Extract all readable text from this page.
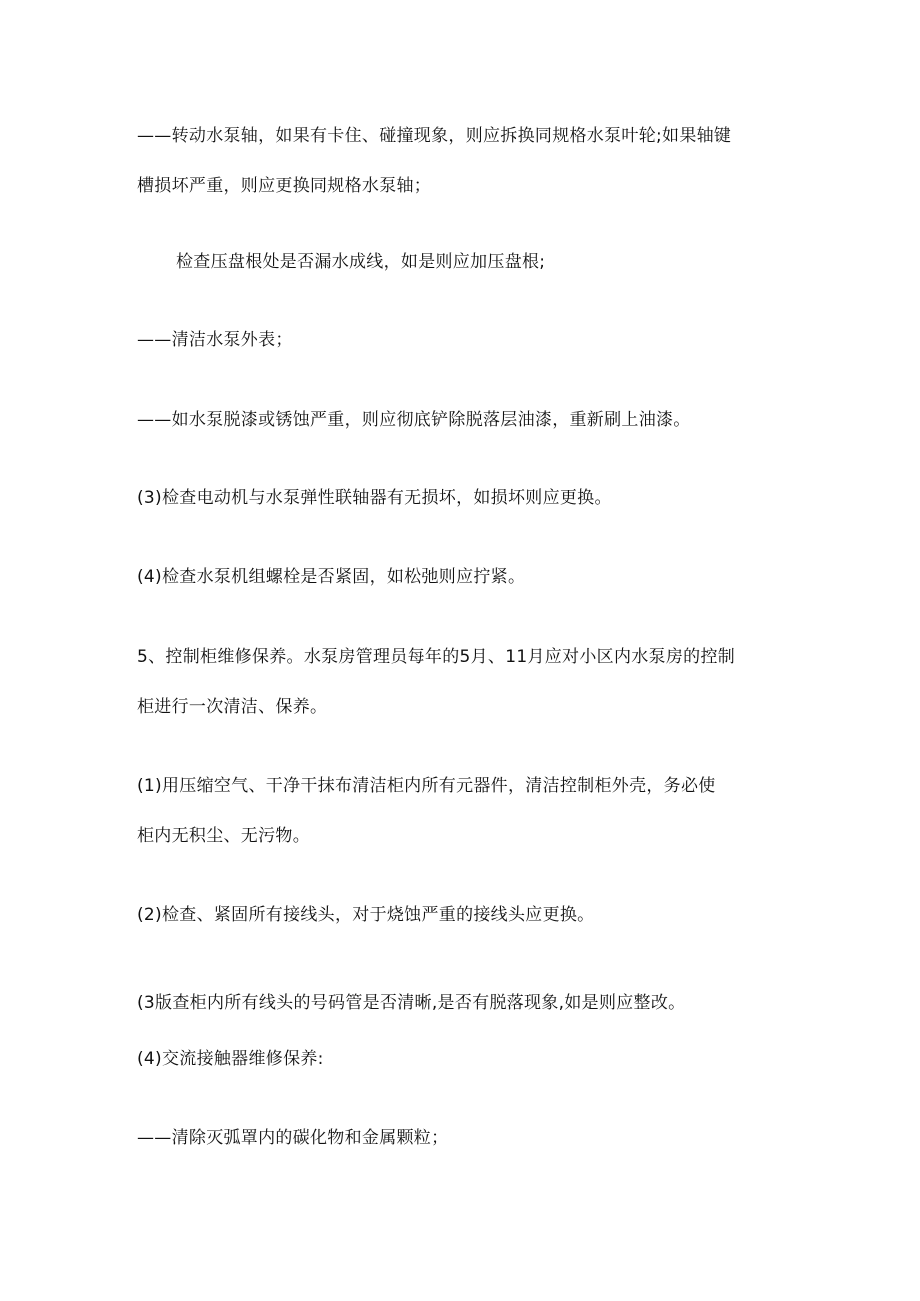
——转动水泵轴，如果有卡住、碰撞现象，则应拆换同规格水泵叶轮;如果轴键
槽损坏严重，则应更换同规格水泵轴；
检查压盘根处是否漏水成线，如是则应加压盘根;
——清洁水泵外表；
——如水泵脱漆或锈蚀严重，则应彻底铲除脱落层油漆，重新刷上油漆。
(3)检查电动机与水泵弹性联轴器有无损坏，如损坏则应更换。
(4)检查水泵机组螺栓是否紧固，如松弛则应拧紧。
5、控制柜维修保养。水泵房管理员每年的5月、11月应对小区内水泵房的控制
柜进行一次清洁、保养。
(1)用压缩空气、干净干抹布清洁柜内所有元器件，清洁控制柜外壳，务必使
柜内无积尘、无污物。
(2)检查、紧固所有接线头，对于烧蚀严重的接线头应更换。
(3版查柜内所有线头的号码管是否清晰,是否有脱落现象,如是则应整改。
(4)交流接触器维修保养:
——清除灭弧罩内的碳化物和金属颗粒；
